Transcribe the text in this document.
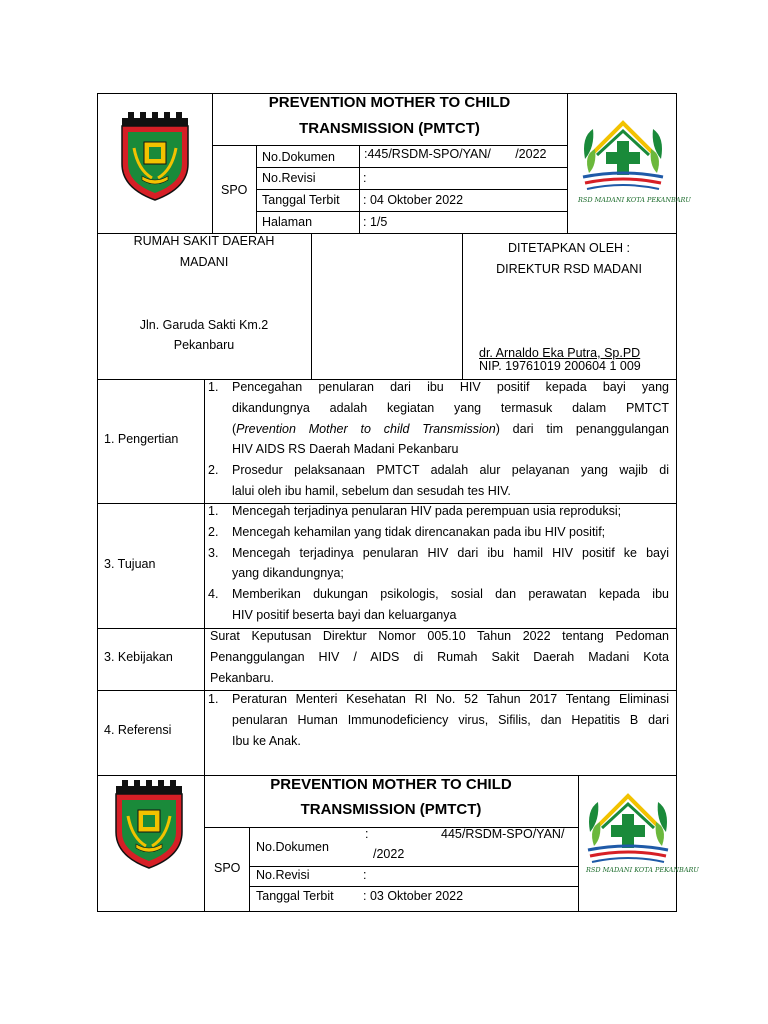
PREVENTION MOTHER TO CHILD
TRANSMISSION (PMTCT)
SPO
No.Dokumen :445/RSDM-SPO/YAN/       /2022
No.Revisi	:
Tanggal Terbit : 04 Oktober 2022
Halaman	: 1/5
RSD MADANI KOTA PEKANBARU
RUMAH SAKIT DAERAH
MADANI
Jln. Garuda Sakti Km.2
Pekanbaru
DITETAPKAN OLEH :
DIREKTUR RSD MADANI
dr. Arnaldo Eka Putra, Sp.PD
NIP. 19761019 200604 1 009
1. Pengertian
1.	Pencegahan penularan dari ibu HIV positif kepada bayi yang
dikandungnya adalah kegiatan yang termasuk dalam PMTCT
(Prevention Mother to child Transmission) dari tim penanggulangan
HIV AIDS RS Daerah Madani Pekanbaru
2.	Prosedur pelaksanaan PMTCT adalah alur pelayanan yang wajib di
lalui oleh ibu hamil, sebelum dan sesudah tes HIV.
3. Tujuan
1.	Mencegah terjadinya penularan HIV pada perempuan usia reproduksi;
2.	Mencegah kehamilan yang tidak direncanakan pada ibu HIV positif;
3.	Mencegah terjadinya penularan HIV dari ibu hamil HIV positif ke bayi
yang dikandungnya;
4.	Memberikan dukungan psikologis, sosial dan perawatan kepada ibu
HIV positif beserta bayi dan keluarganya
3. Kebijakan
Surat Keputusan Direktur Nomor 005.10 Tahun 2022 tentang Pedoman
Penanggulangan HIV / AIDS di Rumah Sakit Daerah Madani Kota
Pekanbaru.
4. Referensi
1.	Peraturan Menteri Kesehatan RI No. 52 Tahun 2017 Tentang Eliminasi
penularan Human Immunodeficiency virus, Sifilis, dan Hepatitis B dari
Ibu ke Anak.
PREVENTION MOTHER TO CHILD
TRANSMISSION (PMTCT)
SPO
No.Dokumen
:	445/RSDM-SPO/YAN/
/2022
No.Revisi	:
Tanggal Terbit : 03 Oktober 2022
RSD MADANI KOTA PEKANBARU
